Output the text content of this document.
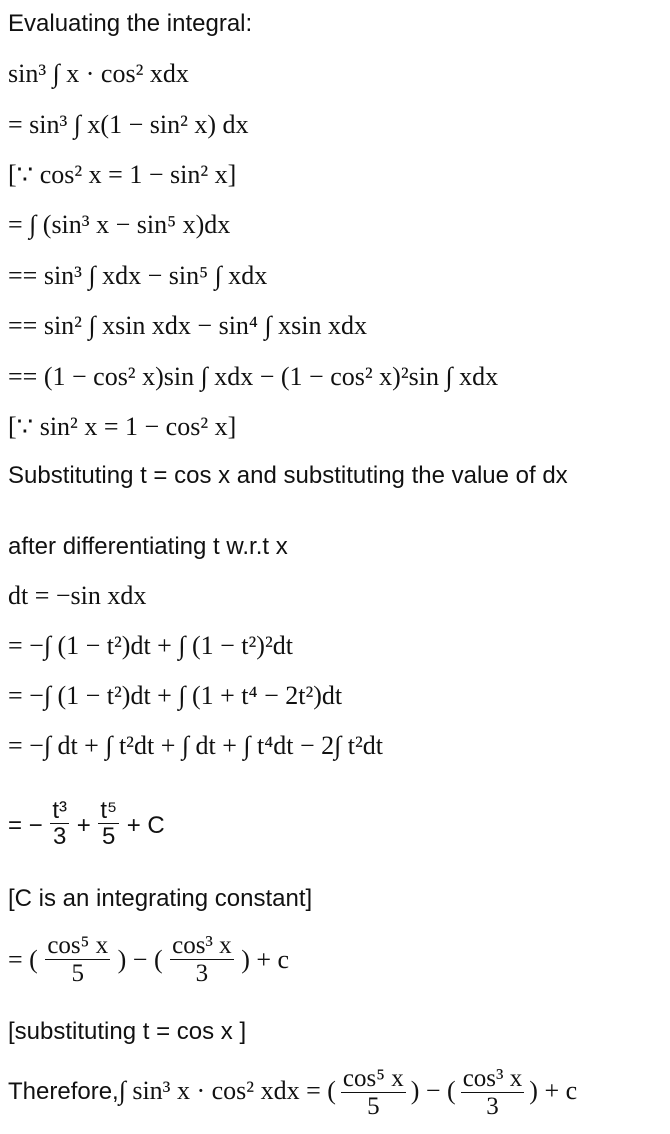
Evaluating the integral:
sin³ ∫ x · cos² xdx
= sin³ ∫ x(1 − sin² x) dx
[∵ cos² x = 1 − sin² x]
= ∫ (sin³ x − sin⁵ x)dx
== sin³ ∫ xdx − sin⁵ ∫ xdx
== sin² ∫ xsin xdx − sin⁴ ∫ xsin xdx
== (1 − cos² x)sin ∫ xdx − (1 − cos² x)²sin ∫ xdx
[∵ sin² x = 1 − cos² x]
Substituting t = cos x and substituting the value of dx
after differentiating t w.r.t x
dt = −sin xdx
= −∫ (1 − t²)dt + ∫ (1 − t²)²dt
= −∫ (1 − t²)dt + ∫ (1 + t⁴ − 2t²)dt
= −∫ dt + ∫ t²dt + ∫ dt + ∫ t⁴dt − 2∫ t²dt
= − $\frac{\text{t³}}{3} + \frac{\text{t⁵}}{5} + C$
[C is an integrating constant]
= ( $\frac{\text{cos⁵ x}}{5}$ ) − ( $\frac{\text{cos³ x}}{3}$ ) + c
[substituting t = cos x ]
Therefore,∫ sin³ x · cos² xdx = ( $\frac{\text{cos⁵ x}}{5}$ ) − ( $\frac{\text{cos³ x}}{3}$ ) + c
